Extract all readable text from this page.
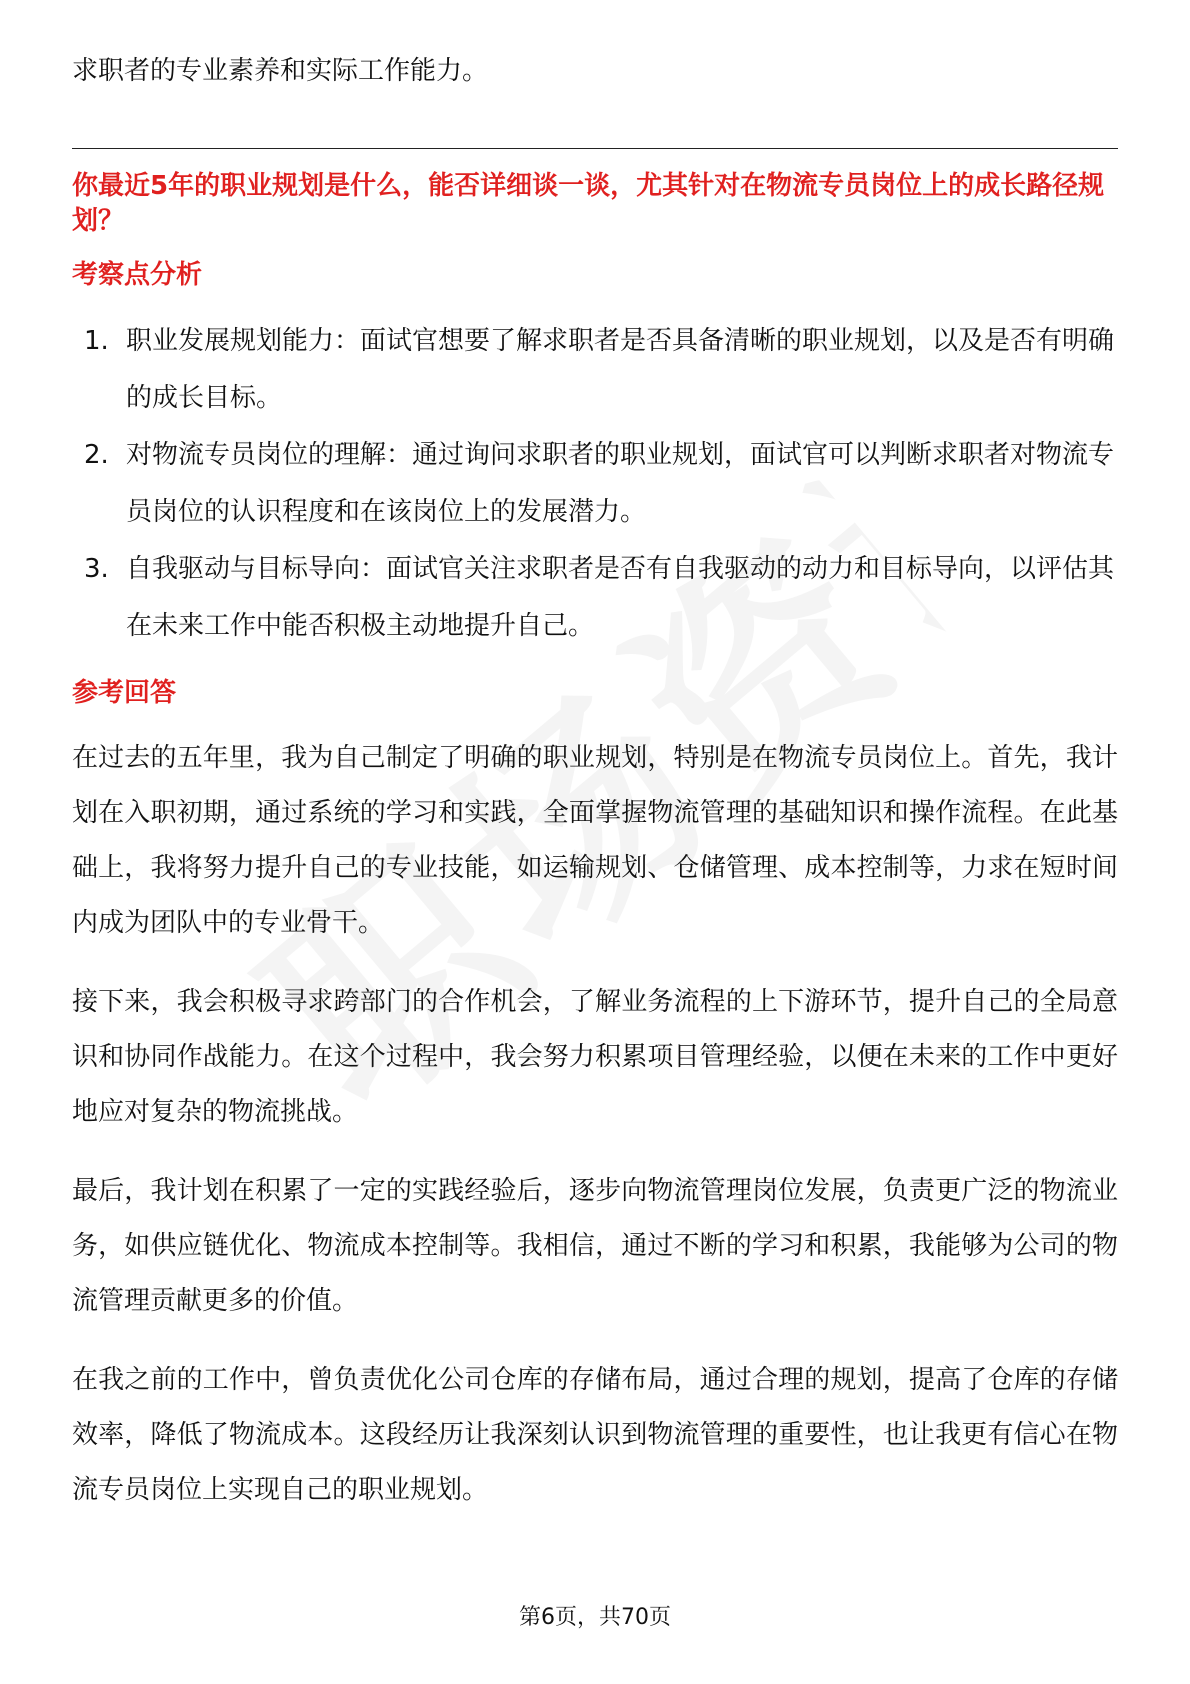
求职者的专业素养和实际工作能力。

你最近5年的职业规划是什么，能否详细谈一谈，尤其针对在物流专员岗位上的成长路径规划？

考察点分析

1. 职业发展规划能力：面试官想要了解求职者是否具备清晰的职业规划，以及是否有明确的成长目标。
2. 对物流专员岗位的理解：通过询问求职者的职业规划，面试官可以判断求职者对物流专员岗位的认识程度和在该岗位上的发展潜力。
3. 自我驱动与目标导向：面试官关注求职者是否有自我驱动的动力和目标导向，以评估其在未来工作中能否积极主动地提升自己。

参考回答

在过去的五年里，我为自己制定了明确的职业规划，特别是在物流专员岗位上。首先，我计划在入职初期，通过系统的学习和实践，全面掌握物流管理的基础知识和操作流程。在此基础上，我将努力提升自己的专业技能，如运输规划、仓储管理、成本控制等，力求在短时间内成为团队中的专业骨干。

接下来，我会积极寻求跨部门的合作机会，了解业务流程的上下游环节，提升自己的全局意识和协同作战能力。在这个过程中，我会努力积累项目管理经验，以便在未来的工作中更好地应对复杂的物流挑战。

最后，我计划在积累了一定的实践经验后，逐步向物流管理岗位发展，负责更广泛的物流业务，如供应链优化、物流成本控制等。我相信，通过不断的学习和积累，我能够为公司的物流管理贡献更多的价值。

在我之前的工作中，曾负责优化公司仓库的存储布局，通过合理的规划，提高了仓库的存储效率，降低了物流成本。这段经历让我深刻认识到物流管理的重要性，也让我更有信心在物流专员岗位上实现自己的职业规划。

第6页，共70页
